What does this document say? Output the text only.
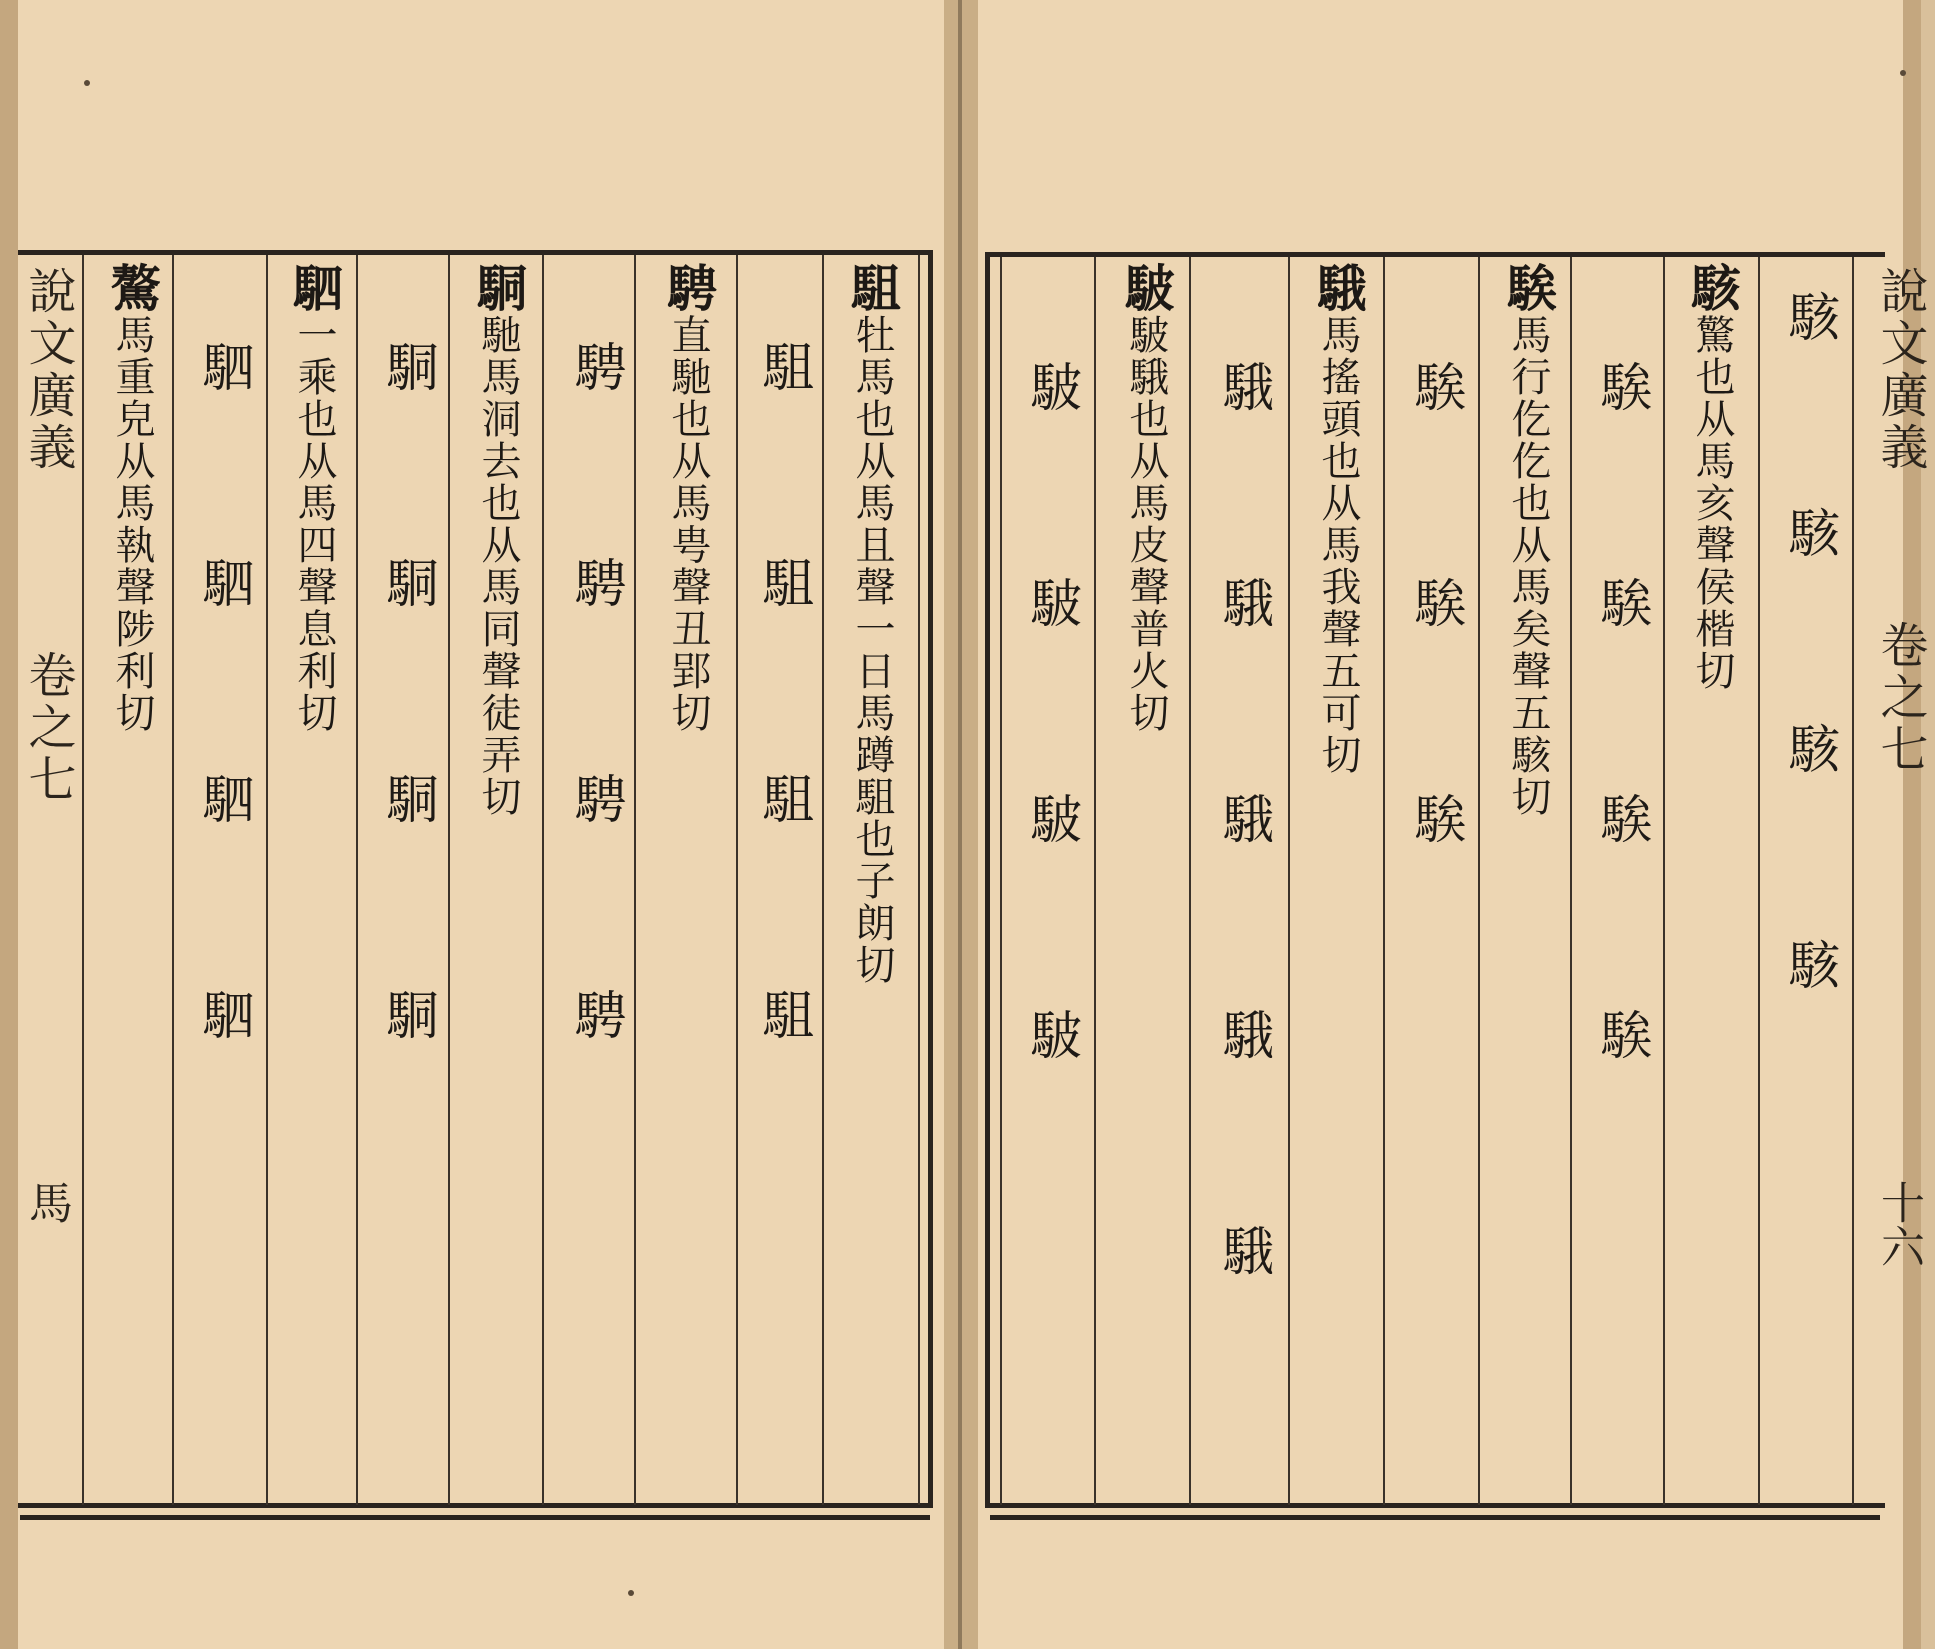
說文廣義
卷之七
馬
說文廣義
卷之七
十六
駔牡馬也从馬且聲一日馬蹲駔也子朗切
駔 駔 駔 駔
騁直馳也从馬甹聲丑郢切
騁 騁 騁 騁
駧馳馬洞去也从馬同聲徒弄切
駧 駧 駧 駧
駟一乘也从馬四聲息利切
駟 駟 駟 駟
驁馬重皃从馬執聲陟利切	駭 駭 駭 駭
駭驚也从馬亥聲侯楷切
騃 騃 騃 騃
騃馬行仡仡也从馬矣聲五駭切
騃 騃 騃
騀馬搖頭也从馬我聲五可切
騀 騀 騀 騀 騀
駊駊騀也从馬皮聲普火切
駊 駊 駊 駊
